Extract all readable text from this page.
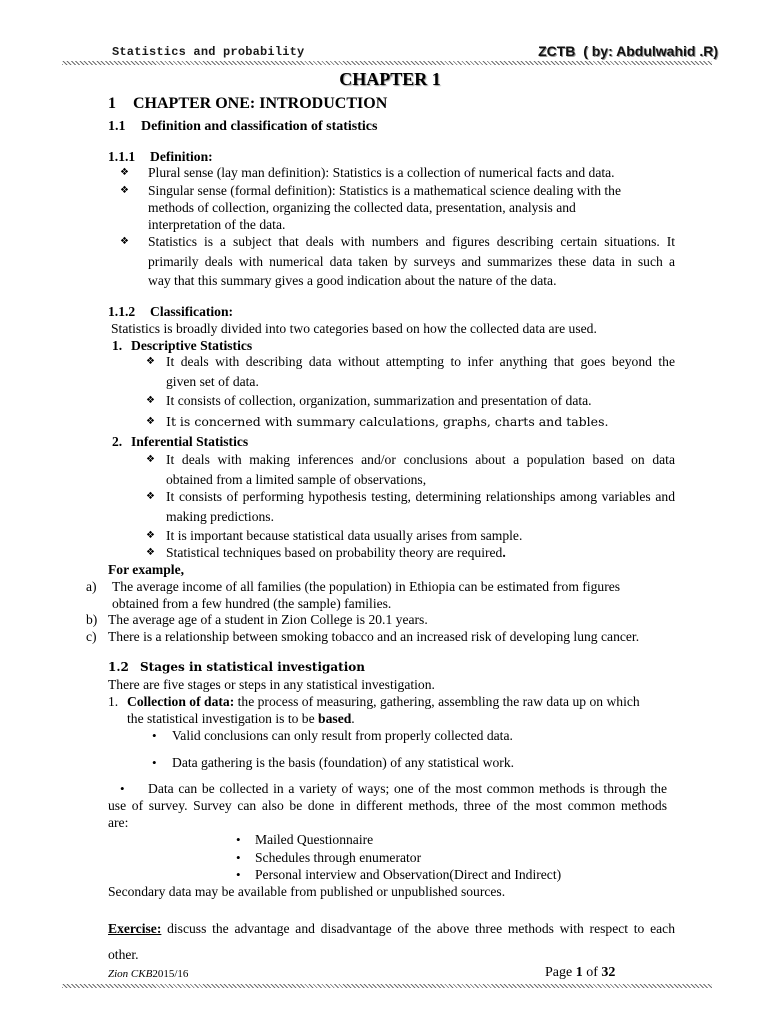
Statistics and probability	ZCTB  ( by: Abdulwahid .R)
CHAPTER 1
1 CHAPTER ONE: INTRODUCTION
1.1 Definition and classification of statistics
1.1.1 Definition:
❖ Plural sense (lay man definition): Statistics is a collection of numerical facts and data.
❖ Singular sense (formal definition): Statistics is a mathematical science dealing with the
methods of collection, organizing the collected data, presentation, analysis and
interpretation of the data.
❖ Statistics is a subject that deals with numbers and figures describing certain situations. It
primarily deals with numerical data taken by surveys and summarizes these data in such a
way that this summary gives a good indication about the nature of the data.
1.1.2 Classification:
Statistics is broadly divided into two categories based on how the collected data are used.
1. Descriptive Statistics
❖ It deals with describing data without attempting to infer anything that goes beyond the
given set of data.
❖ It consists of collection, organization, summarization and presentation of data.
❖ It is concerned with summary calculations, graphs, charts and tables.
2. Inferential Statistics
❖ It deals with making inferences and/or conclusions about a population based on data
obtained from a limited sample of observations,
❖ It consists of performing hypothesis testing, determining relationships among variables and
making predictions.
❖ It is important because statistical data usually arises from sample.
❖ Statistical techniques based on probability theory are required.
For example,
a) The average income of all families (the population) in Ethiopia can be estimated from figures
obtained from a few hundred (the sample) families.
b) The average age of a student in Zion College is 20.1 years.
c) There is a relationship between smoking tobacco and an increased risk of developing lung cancer.
1.2 Stages in statistical investigation
There are five stages or steps in any statistical investigation.
1. Collection of data: the process of measuring, gathering, assembling the raw data up on which
the statistical investigation is to be based.
• Valid conclusions can only result from properly collected data.
• Data gathering is the basis (foundation) of any statistical work.
• Data can be collected in a variety of ways; one of the most common methods is through the
use of survey. Survey can also be done in different methods, three of the most common methods
are:
• Mailed Questionnaire
• Schedules through enumerator
• Personal interview and Observation(Direct and Indirect)
Secondary data may be available from published or unpublished sources.
Exercise: discuss the advantage and disadvantage of the above three methods with respect to each
other.
Zion CKB2015/16	Page 1 of 32
